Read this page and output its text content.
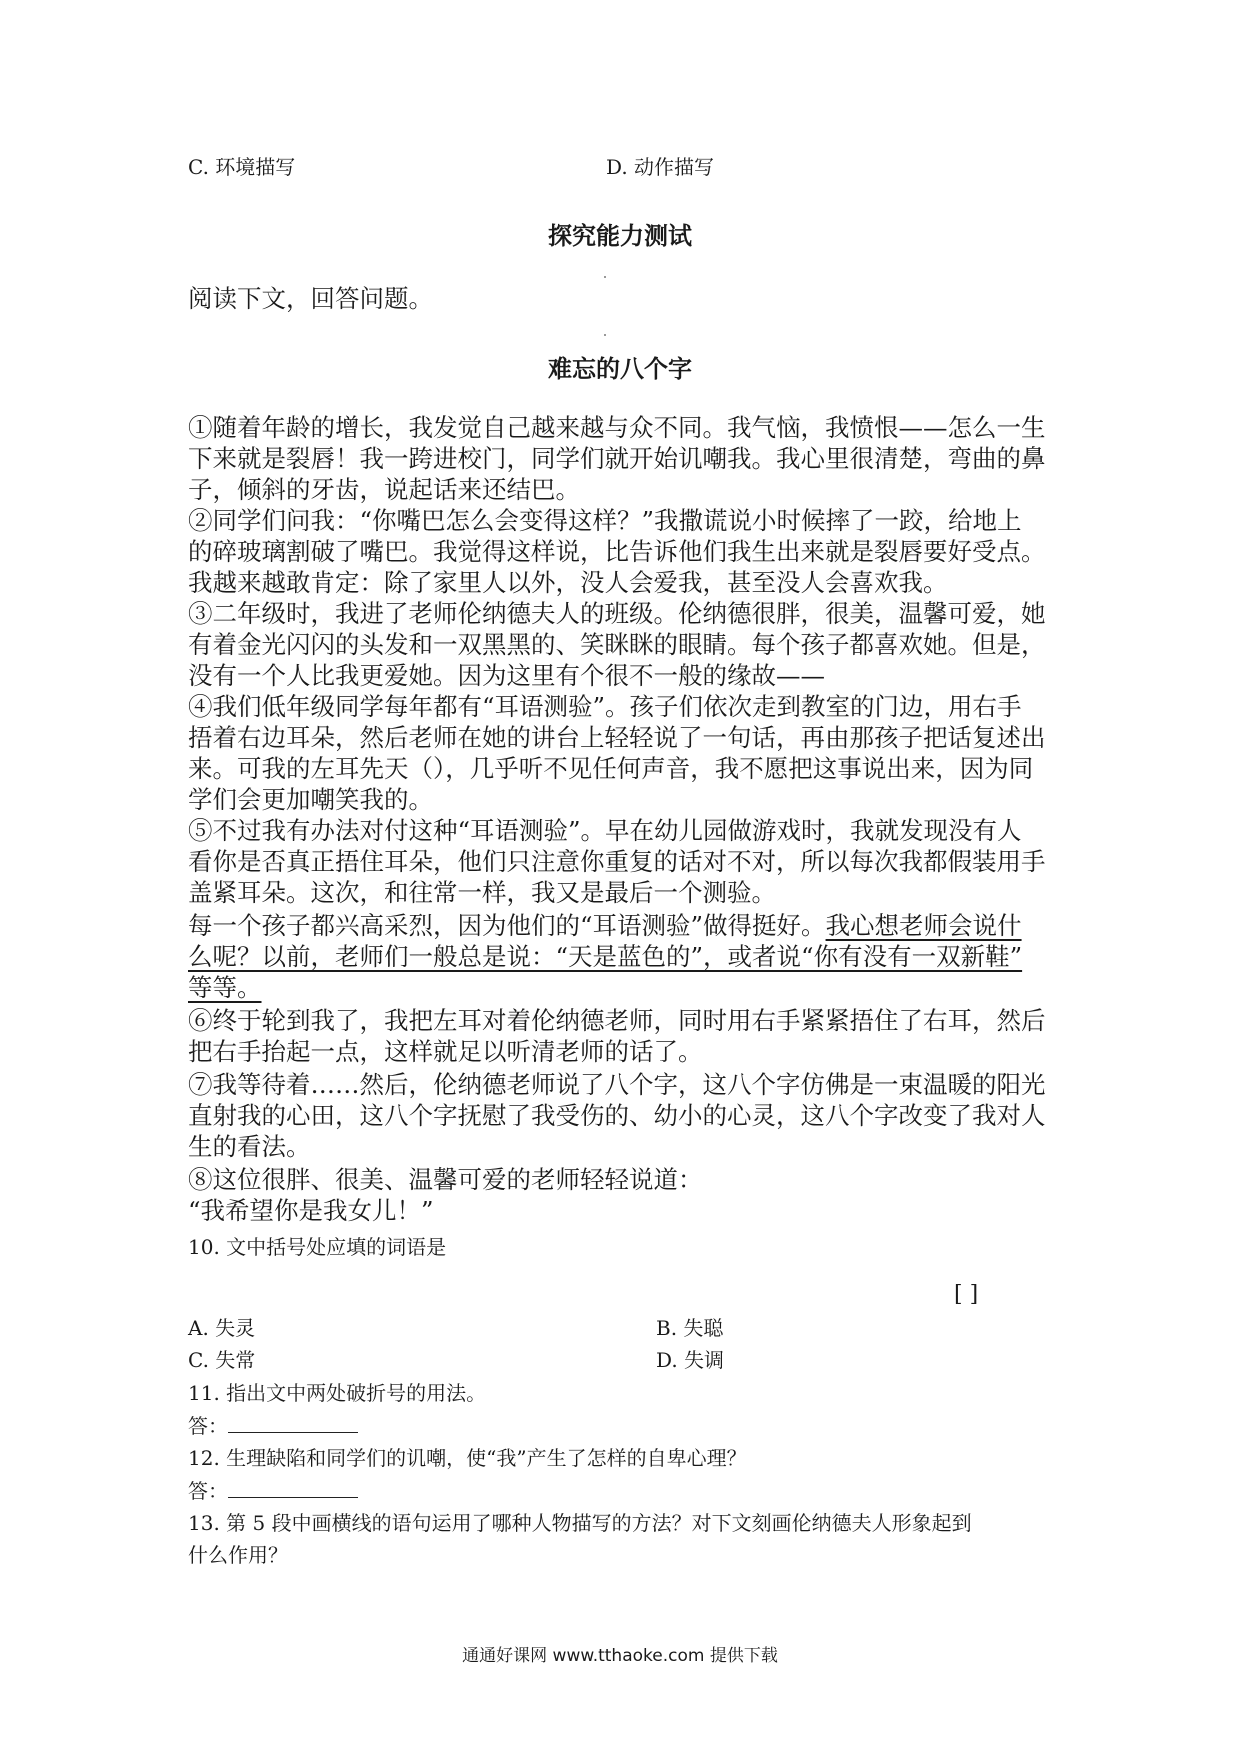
C. 环境描写	D. 动作描写

探究能力测试

阅读下文，回答问题。

难忘的八个字

①随着年龄的增长，我发觉自己越来越与众不同。我气恼，我愤恨——怎么一生

下来就是裂唇！我一跨进校门，同学们就开始讥嘲我。我心里很清楚，弯曲的鼻

子，倾斜的牙齿，说起话来还结巴。

②同学们问我：“你嘴巴怎么会变得这样？”我撒谎说小时候摔了一跤，给地上

的碎玻璃割破了嘴巴。我觉得这样说，比告诉他们我生出来就是裂唇要好受点。

我越来越敢肯定：除了家里人以外，没人会爱我，甚至没人会喜欢我。

③二年级时，我进了老师伦纳德夫人的班级。伦纳德很胖，很美，温馨可爱，她

有着金光闪闪的头发和一双黑黑的、笑眯眯的眼睛。每个孩子都喜欢她。但是，

没有一个人比我更爱她。因为这里有个很不一般的缘故——

④我们低年级同学每年都有“耳语测验”。孩子们依次走到教室的门边，用右手

捂着右边耳朵，然后老师在她的讲台上轻轻说了一句话，再由那孩子把话复述出

来。可我的左耳先天（），几乎听不见任何声音，我不愿把这事说出来，因为同

学们会更加嘲笑我的。

⑤不过我有办法对付这种“耳语测验”。早在幼儿园做游戏时，我就发现没有人

看你是否真正捂住耳朵，他们只注意你重复的话对不对，所以每次我都假装用手

盖紧耳朵。这次，和往常一样，我又是最后一个测验。

每一个孩子都兴高采烈，因为他们的“耳语测验”做得挺好。我心想老师会说什

么呢？以前，老师们一般总是说：“天是蓝色的”，或者说“你有没有一双新鞋”

等等。

⑥终于轮到我了，我把左耳对着伦纳德老师，同时用右手紧紧捂住了右耳，然后

把右手抬起一点，这样就足以听清老师的话了。

⑦我等待着……然后，伦纳德老师说了八个字，这八个字仿佛是一束温暖的阳光

直射我的心田，这八个字抚慰了我受伤的、幼小的心灵，这八个字改变了我对人

生的看法。

⑧这位很胖、很美、温馨可爱的老师轻轻说道：

“我希望你是我女儿！”

10. 文中括号处应填的词语是

[ ]

A. 失灵	B. 失聪

C. 失常	D. 失调

11. 指出文中两处破折号的用法。

答：

12. 生理缺陷和同学们的讥嘲，使“我”产生了怎样的自卑心理？

答：

13. 第 5 段中画横线的语句运用了哪种人物描写的方法？对下文刻画伦纳德夫人形象起到

什么作用？

通通好课网 www.tthaoke.com 提供下载
